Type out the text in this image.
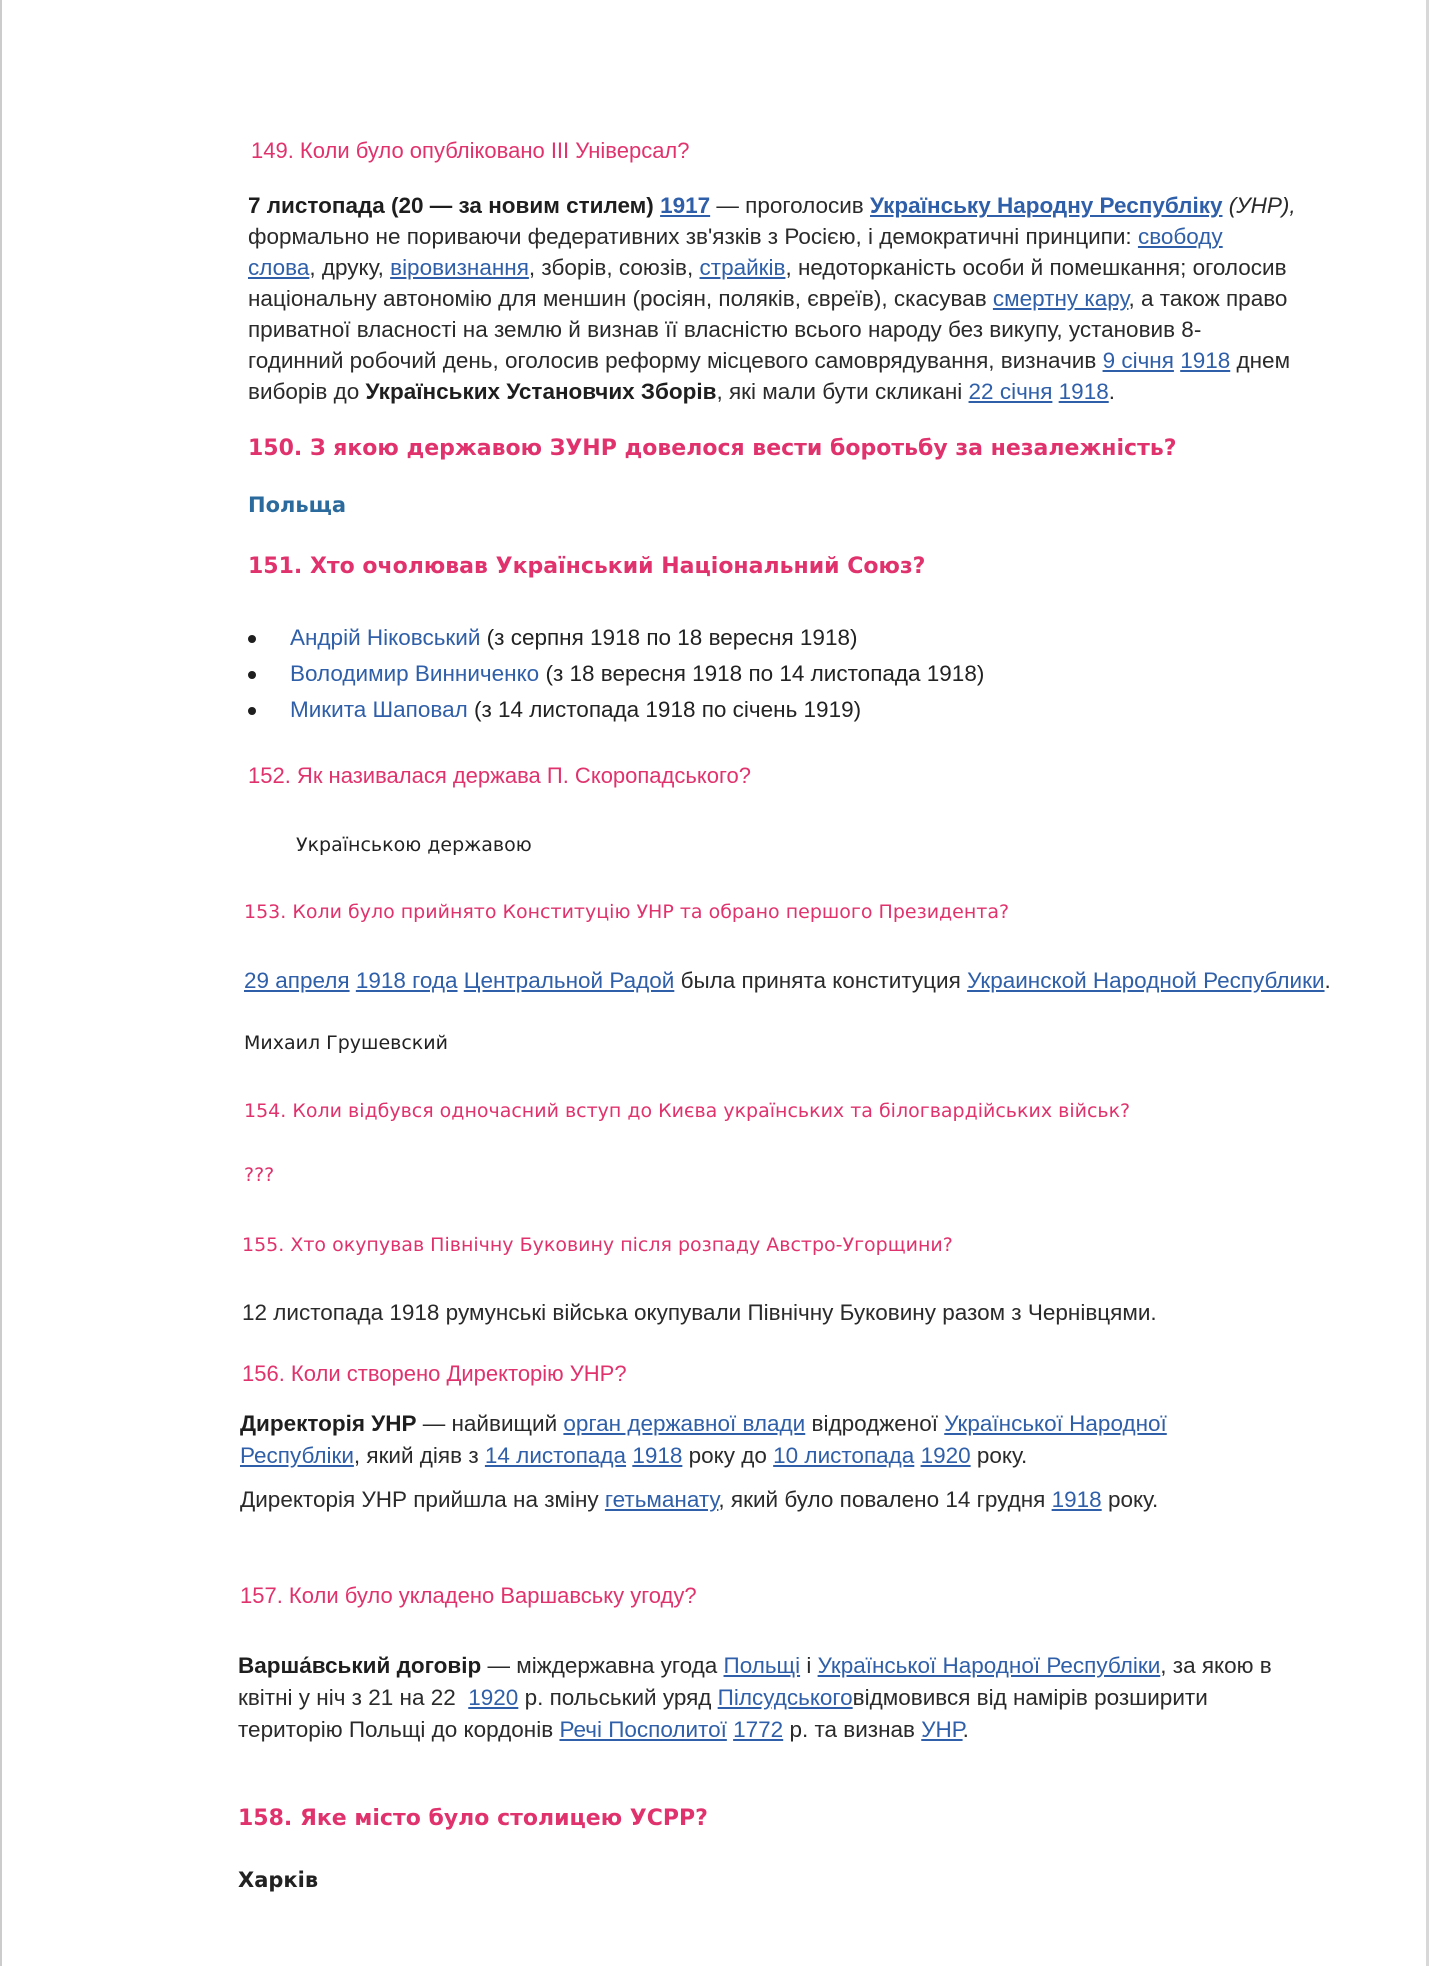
149. Коли було опубліковано III Універсал?
7 листопада (20 — за новим стилем) 1917 — проголосив Українську Народну Республіку (УНР),
формально не пориваючи федеративних зв'язків з Росією, і демократичні принципи: свободу
слова, друку, віровизнання, зборів, союзів, страйків, недоторканість особи й помешкання; оголосив
національну автономію для меншин (росіян, поляків, євреїв), скасував смертну кару, а також право
приватної власності на землю й визнав її власністю всього народу без викупу, установив 8-
годинний робочий день, оголосив реформу місцевого самоврядування, визначив 9 січня 1918 днем
виборів до Українських Установчих Зборів, які мали бути скликані 22 січня 1918.
150. З якою державою ЗУНР довелося вести боротьбу за незалежність?
Польща
151. Хто очолював Український Національний Союз?
Андрій Ніковський (з серпня 1918 по 18 вересня 1918)
Володимир Винниченко (з 18 вересня 1918 по 14 листопада 1918)
Микита Шаповал (з 14 листопада 1918 по січень 1919)
152. Як називалася держава П. Скоропадського?
Українською державою
153. Коли було прийнято Конституцію УНР та обрано першого Президента?
29 апреля 1918 года Центральной Радой была принята конституция Украинской Народной Республики.
Михаил Грушевский
154. Коли відбувся одночасний вступ до Києва українських та білогвардійських військ?
???
155. Хто окупував Північну Буковину після розпаду Австро-Угорщини?
12 листопада 1918 румунські війська окупували Північну Буковину разом з Чернівцями.
156. Коли створено Директорію УНР?
Директорія УНР — найвищий орган державної влади відродженої Української Народної
Республіки, який діяв з 14 листопада 1918 року до 10 листопада 1920 року.
Директорія УНР прийшла на зміну гетьманату, який було повалено 14 грудня 1918 року.
157. Коли було укладено Варшавську угоду?
Варша́вський договір — міждержавна угода Польщі і Української Народної Республіки, за якою в
квітні у ніч з 21 на 22  1920 р. польський уряд Пілсудськоговідмовився від намірів розширити
територію Польщі до кордонів Речі Посполитої 1772 р. та визнав УНР.
158. Яке місто було столицею УСРР?
Харків
